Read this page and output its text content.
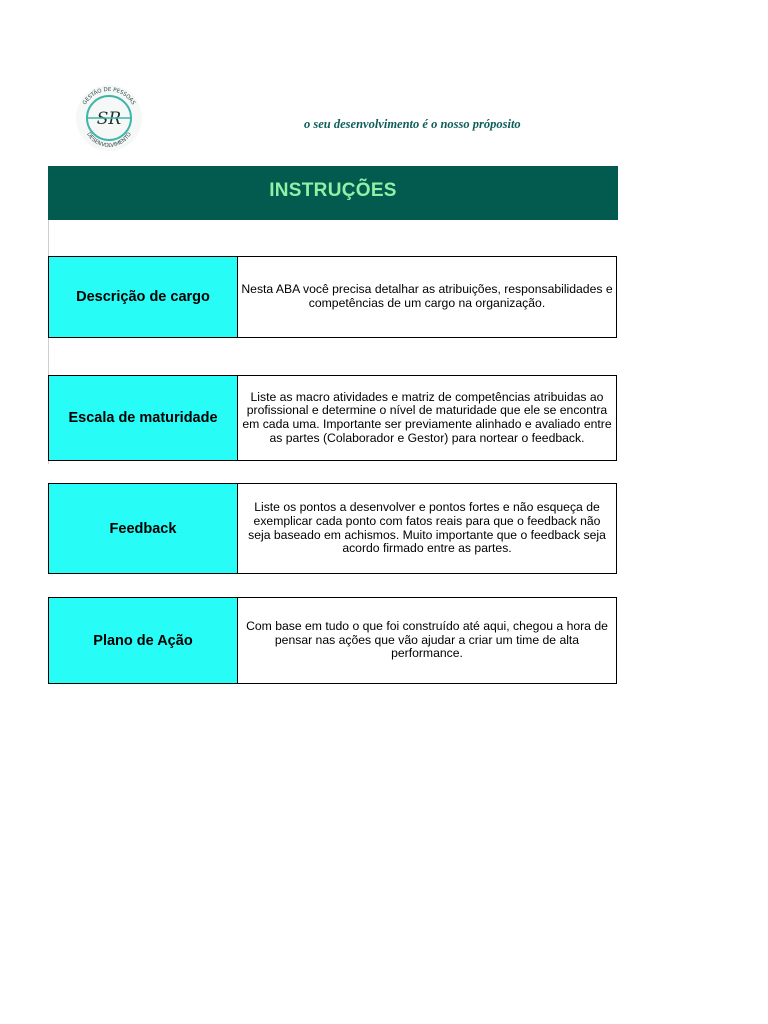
GESTÃO DE PESSOAS
DESENVOLVIMENTO
SR	o seu desenvolvimento é o nosso próposito
INSTRUÇÕES
Descrição de cargo	Nesta ABA você precisa detalhar as atribuições, responsabilidades e competências de um cargo na organização.
Escala de maturidade
Liste as macro atividades e matriz de competências atribuidas ao profissional e determine o nível de maturidade que ele se encontra em cada uma. Importante ser previamente alinhado e avaliado entre as partes (Colaborador e Gestor) para nortear o feedback.
Feedback
Liste os pontos a desenvolver e pontos fortes e não esqueça de exemplicar cada ponto com fatos reais para que o feedback não seja baseado em achismos. Muito importante que o feedback seja acordo firmado entre as partes.
Plano de Ação
Com base em tudo o que foi construído até aqui, chegou a hora de pensar nas ações que vão ajudar a criar um time de alta performance.
